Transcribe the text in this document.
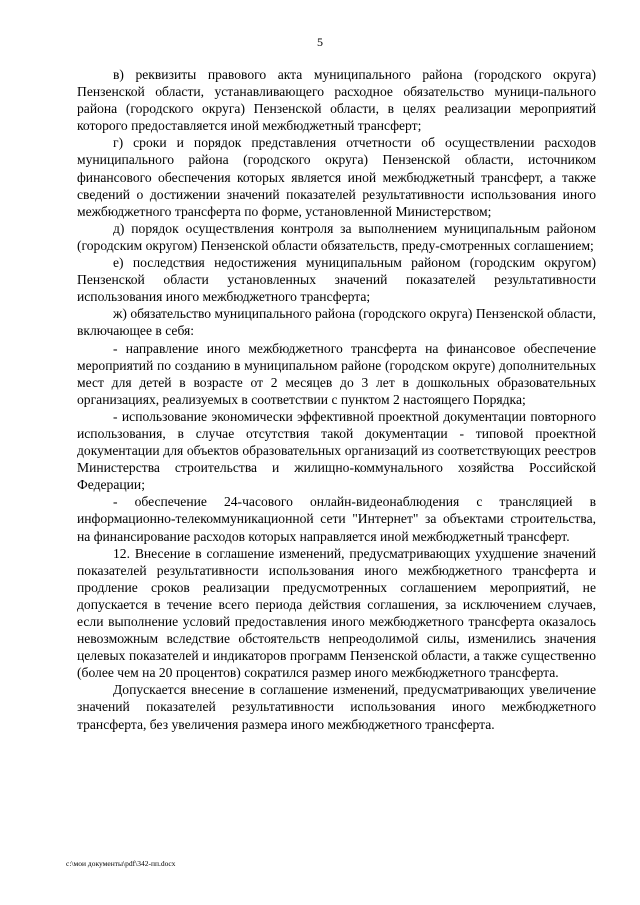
5

в) реквизиты правового акта муниципального района (городского округа) Пензенской области, устанавливающего расходное обязательство муници-пального района (городского округа) Пензенской области, в целях реализации мероприятий которого предоставляется иной межбюджетный трансферт;

г) сроки и порядок представления отчетности об осуществлении расходов муниципального района (городского округа) Пензенской области, источником финансового обеспечения которых является иной межбюджетный трансферт, а также сведений о достижении значений показателей результативности использования иного межбюджетного трансферта по форме, установленной Министерством;

д) порядок осуществления контроля за выполнением муниципальным районом (городским округом) Пензенской области обязательств, преду-смотренных соглашением;

е) последствия недостижения муниципальным районом (городским округом) Пензенской области установленных значений показателей результативности использования иного межбюджетного трансферта;

ж) обязательство муниципального района (городского округа) Пензенской области, включающее в себя:

- направление иного межбюджетного трансферта на финансовое обеспечение мероприятий по созданию в муниципальном районе (городском округе) дополнительных мест для детей в возрасте от 2 месяцев до 3 лет в дошкольных образовательных организациях, реализуемых в соответствии с пунктом 2 настоящего Порядка;

- использование экономически эффективной проектной документации повторного использования, в случае отсутствия такой документации - типовой проектной документации для объектов образовательных организаций из соответствующих реестров Министерства строительства и жилищно-коммунального хозяйства Российской Федерации;

- обеспечение 24-часового онлайн-видеонаблюдения с трансляцией в информационно-телекоммуникационной сети "Интернет" за объектами строительства, на финансирование расходов которых направляется иной межбюджетный трансферт.

12. Внесение в соглашение изменений, предусматривающих ухудшение значений показателей результативности использования иного межбюджетного трансферта и продление сроков реализации предусмотренных соглашением мероприятий, не допускается в течение всего периода действия соглашения, за исключением случаев, если выполнение условий предоставления иного межбюджетного трансферта оказалось невозможным вследствие обстоятельств непреодолимой силы, изменились значения целевых показателей и индикаторов программ Пензенской области, а также существенно (более чем на 20 процентов) сократился размер иного межбюджетного трансферта.

Допускается внесение в соглашение изменений, предусматривающих увеличение значений показателей результативности использования иного межбюджетного трансферта, без увеличения размера иного межбюджетного трансферта.

c:\мои документы\pdf\342-пп.docx
